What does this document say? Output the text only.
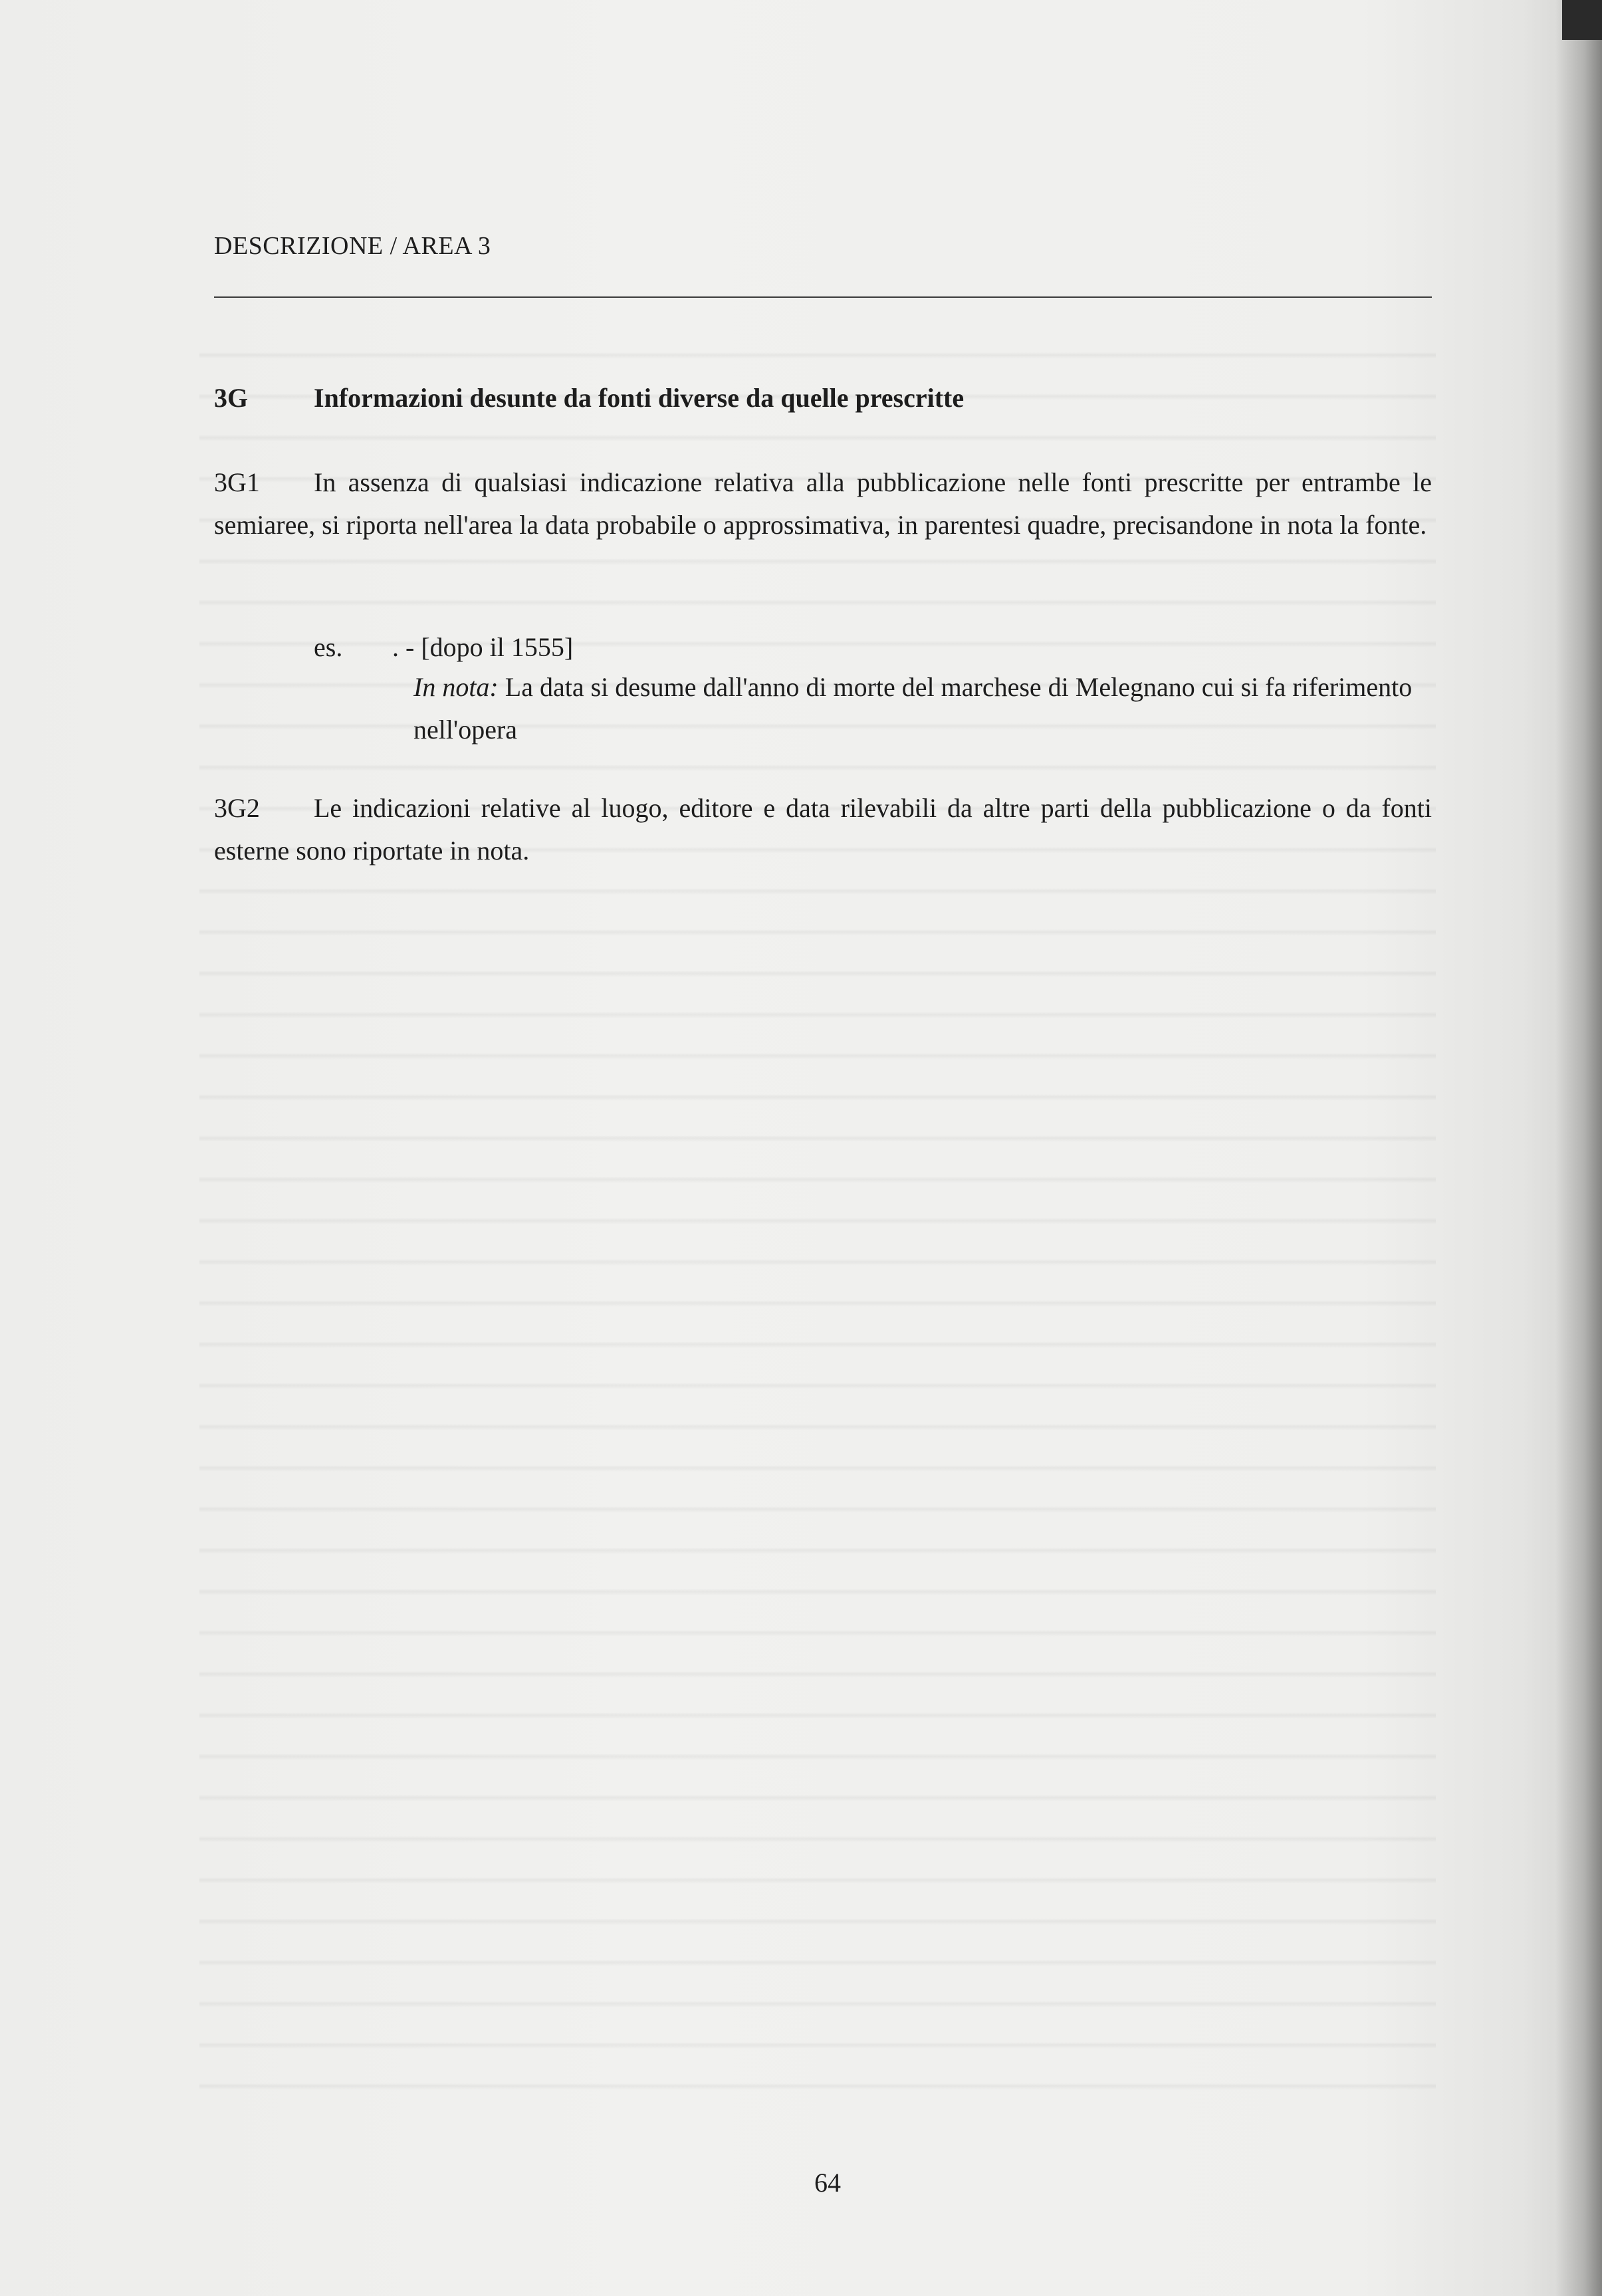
DESCRIZIONE / AREA 3
3G Informazioni desunte da fonti diverse da quelle prescritte
3G1 In assenza di qualsiasi indicazione relativa alla pubblicazione nelle fonti prescritte per entrambe le semiaree, si riporta nell'area la data probabile o approssimativa, in parentesi quadre, precisandone in nota la fonte.
es. . - [dopo il 1555]
In nota: La data si desume dall'anno di morte del marchese di Melegnano cui si fa riferimento nell'opera
3G2 Le indicazioni relative al luogo, editore e data rilevabili da altre parti della pubblicazione o da fonti esterne sono riportate in nota.
64
